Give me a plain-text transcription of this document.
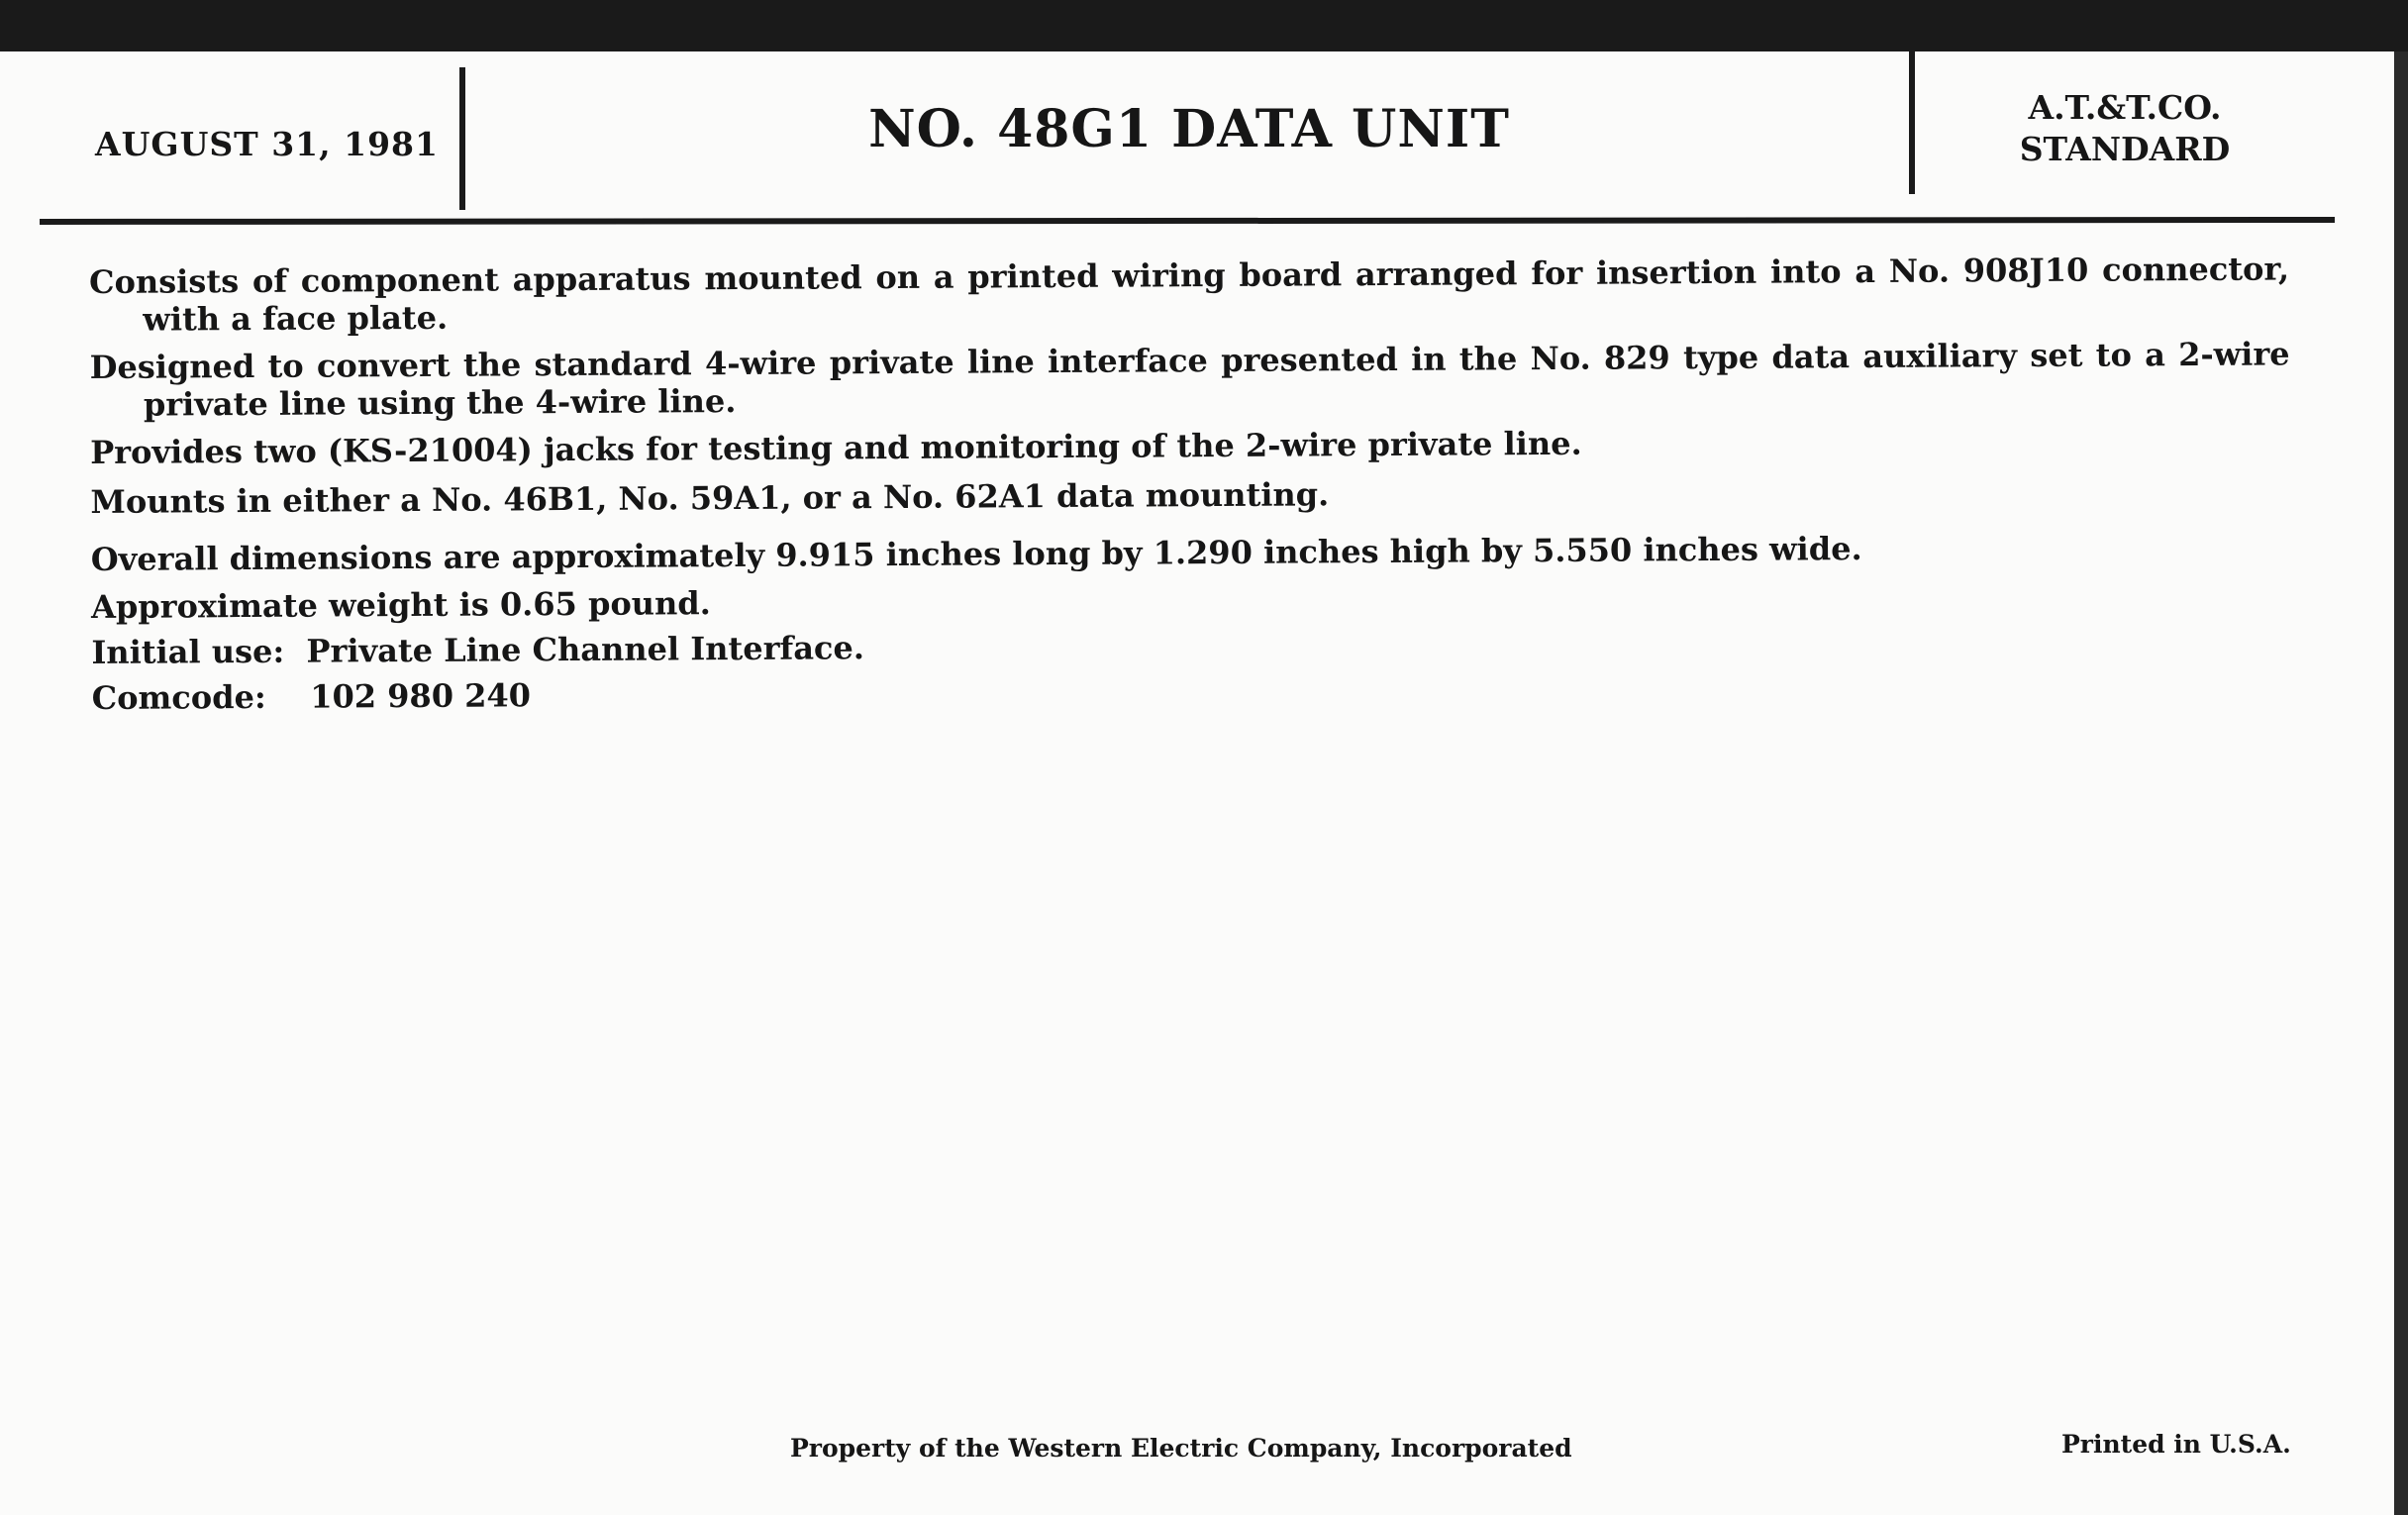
AUGUST 31, 1981	NO. 48G1 DATA UNIT	A.T.&T.CO.
STANDARD

Consists of component apparatus mounted on a printed wiring board arranged for insertion into a No. 908J10 connector, with a face plate.

Designed to convert the standard 4-wire private line interface presented in the No. 829 type data auxiliary set to a 2-wire private line using the 4-wire line.

Provides two (KS-21004) jacks for testing and monitoring of the 2-wire private line.

Mounts in either a No. 46B1, No. 59A1, or a No. 62A1 data mounting.

Overall dimensions are approximately 9.915 inches long by 1.290 inches high by 5.550 inches wide.

Approximate weight is 0.65 pound.

Initial use: Private Line Channel Interface.

Comcode: 102 980 240

Property of the Western Electric Company, Incorporated	Printed in U.S.A.
